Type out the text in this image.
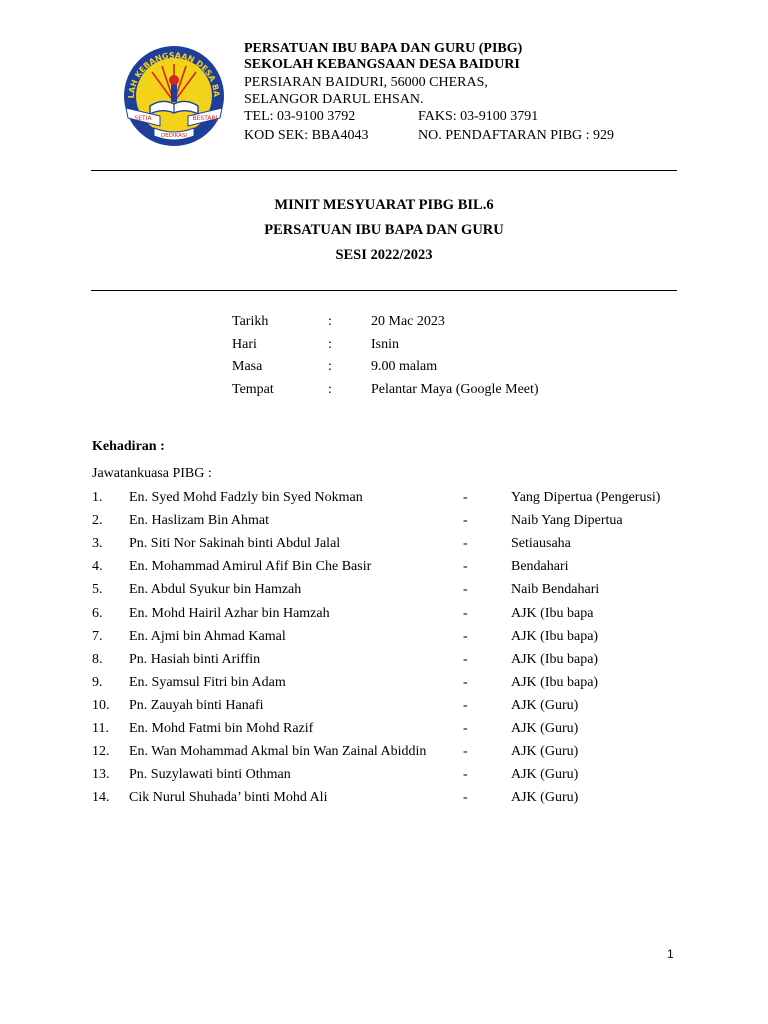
LAH KEBANGSAAN DESA BA
SETIA	BESTARI
DEDIKASI
PERSATUAN IBU BAPA DAN GURU (PIBG)
SEKOLAH KEBANGSAAN DESA BAIDURI
PERSIARAN BAIDURI, 56000 CHERAS,
SELANGOR DARUL EHSAN.
TEL: 03-9100 3792	FAKS: 03-9100 3791
KOD SEK: BBA4043	NO. PENDAFTARAN PIBG : 929
MINIT MESYUARAT PIBG BIL.6
PERSATUAN IBU BAPA DAN GURU
SESI 2022/2023
Tarikh	:	20 Mac 2023
Hari	:	Isnin
Masa	:	9.00 malam
Tempat	:	Pelantar Maya (Google Meet)
Kehadiran :
Jawatankuasa PIBG :
1. En. Syed Mohd Fadzly bin Syed Nokman	-	Yang Dipertua (Pengerusi)
2. En. Haslizam Bin Ahmat	-	Naib Yang Dipertua
3. Pn. Siti Nor Sakinah binti Abdul Jalal	-	Setiausaha
4. En. Mohammad Amirul Afif Bin Che Basir	-	Bendahari
5. En. Abdul Syukur bin Hamzah	-	Naib Bendahari
6. En. Mohd Hairil Azhar bin Hamzah	-	AJK (Ibu bapa
7. En. Ajmi bin Ahmad Kamal	-	AJK (Ibu bapa)
8. Pn. Hasiah binti Ariffin	-	AJK (Ibu bapa)
9. En. Syamsul Fitri bin Adam	-	AJK (Ibu bapa)
10. Pn. Zauyah binti Hanafi	-	AJK (Guru)
11. En. Mohd Fatmi bin Mohd Razif	-	AJK (Guru)
12. En. Wan Mohammad Akmal bin Wan Zainal Abiddin	-	AJK (Guru)
13. Pn. Suzylawati binti Othman	-	AJK (Guru)
14. Cik Nurul Shuhada’ binti Mohd Ali	-	AJK (Guru)
1
